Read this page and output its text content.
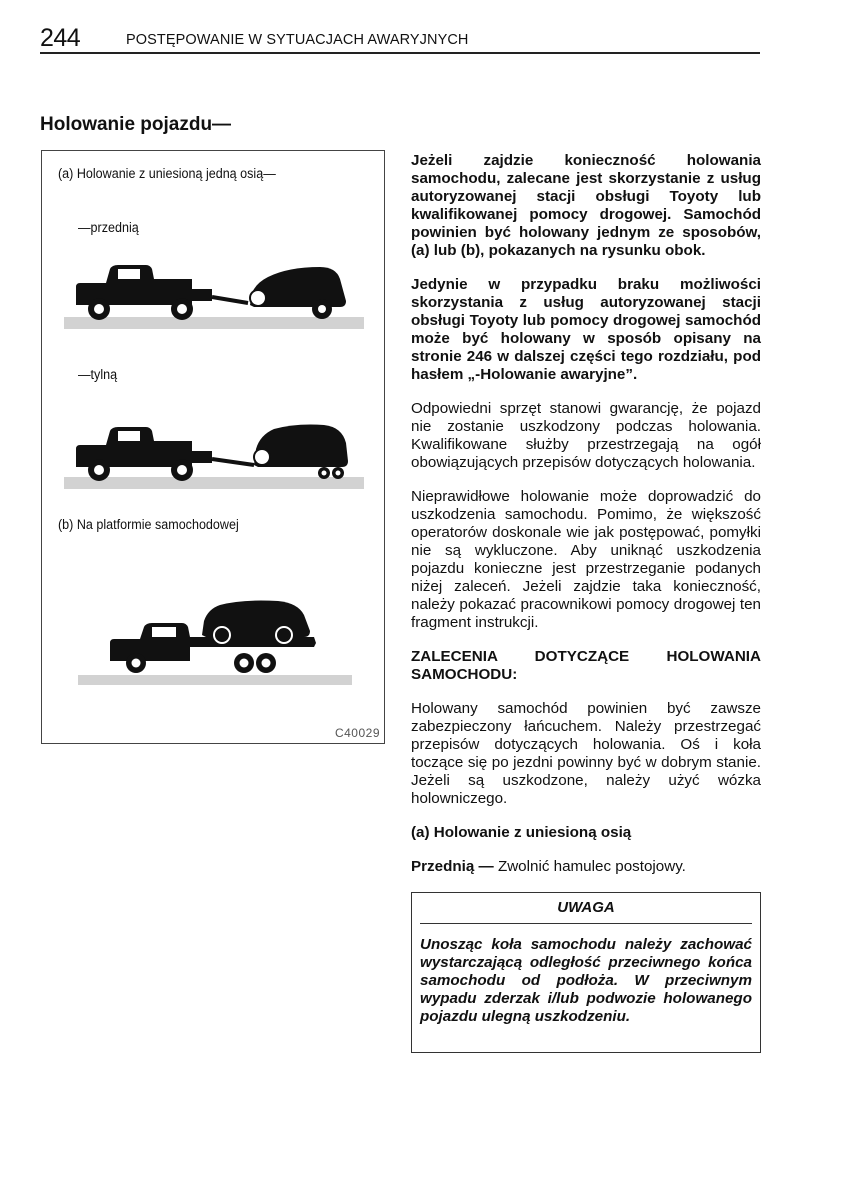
244	POSTĘPOWANIE W SYTUACJACH AWARYJNYCH
Holowanie pojazdu—
(a) Holowanie z uniesioną jedną osią—
—przednią
—tylną
(b) Na platformie samochodowej
C40029

Jeżeli zajdzie konieczność holowania samochodu, zalecane jest skorzystanie z usług autoryzowanej stacji obsługi Toyoty lub kwalifikowanej pomocy drogowej. Samochód powinien być holowany jednym ze sposobów, (a) lub (b), pokazanych na rysunku obok.

Jedynie w przypadku braku możliwości skorzystania z usług autoryzowanej stacji obsługi Toyoty lub pomocy drogowej samochód może być holowany w sposób opisany na stronie 246 w dalszej części tego rozdziału, pod hasłem „-Holowanie awaryjne”.

Odpowiedni sprzęt stanowi gwarancję, że pojazd nie zostanie uszkodzony podczas holowania. Kwalifikowane służby przestrzegają na ogół obowiązujących przepisów dotyczących holowania.

Nieprawidłowe holowanie może doprowadzić do uszkodzenia samochodu. Pomimo, że większość operatorów doskonale wie jak postępować, pomyłki nie są wykluczone. Aby uniknąć uszkodzenia pojazdu konieczne jest przestrzeganie podanych niżej zaleceń. Jeżeli zajdzie taka konieczność, należy pokazać pracownikowi pomocy drogowej ten fragment instrukcji.

ZALECENIA DOTYCZĄCE HOLOWANIA SAMOCHODU:

Holowany samochód powinien być zawsze zabezpieczony łańcuchem. Należy przestrzegać przepisów dotyczących holowania. Oś i koła toczące się po jezdni powinny być w dobrym stanie. Jeżeli są uszkodzone, należy użyć wózka holowniczego.

(a) Holowanie z uniesioną osią

Przednią — Zwolnić hamulec postojowy.

UWAGA

Unosząc koła samochodu należy zachować wystarczającą odległość przeciwnego końca samochodu od podłoża. W przeciwnym wypadu zderzak i/lub podwozie holowanego pojazdu ulegną uszkodzeniu.
